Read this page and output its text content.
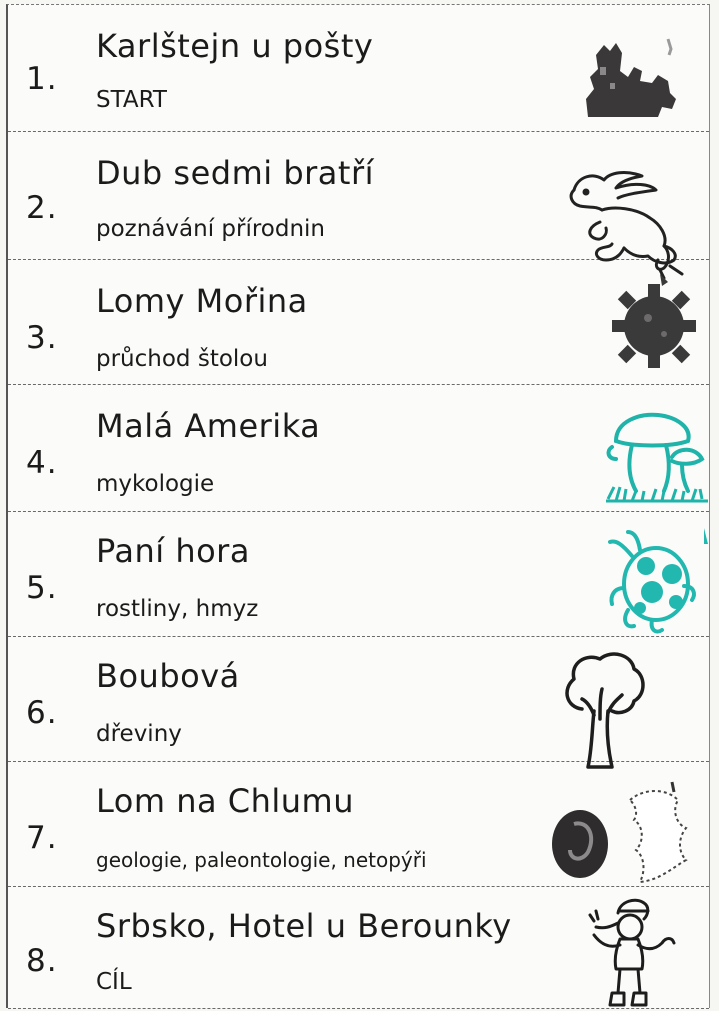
1.
Karlštejn u pošty
START
2.
Dub sedmi bratří
poznávání přírodnin
3.
Lomy Mořina
průchod štolou
4.
Malá Amerika
mykologie
5.
Paní hora
rostliny, hmyz
6.
Boubová
dřeviny
7.
Lom na Chlumu
geologie, paleontologie, netopýři
8.
Srbsko, Hotel u Berounky
CÍL
